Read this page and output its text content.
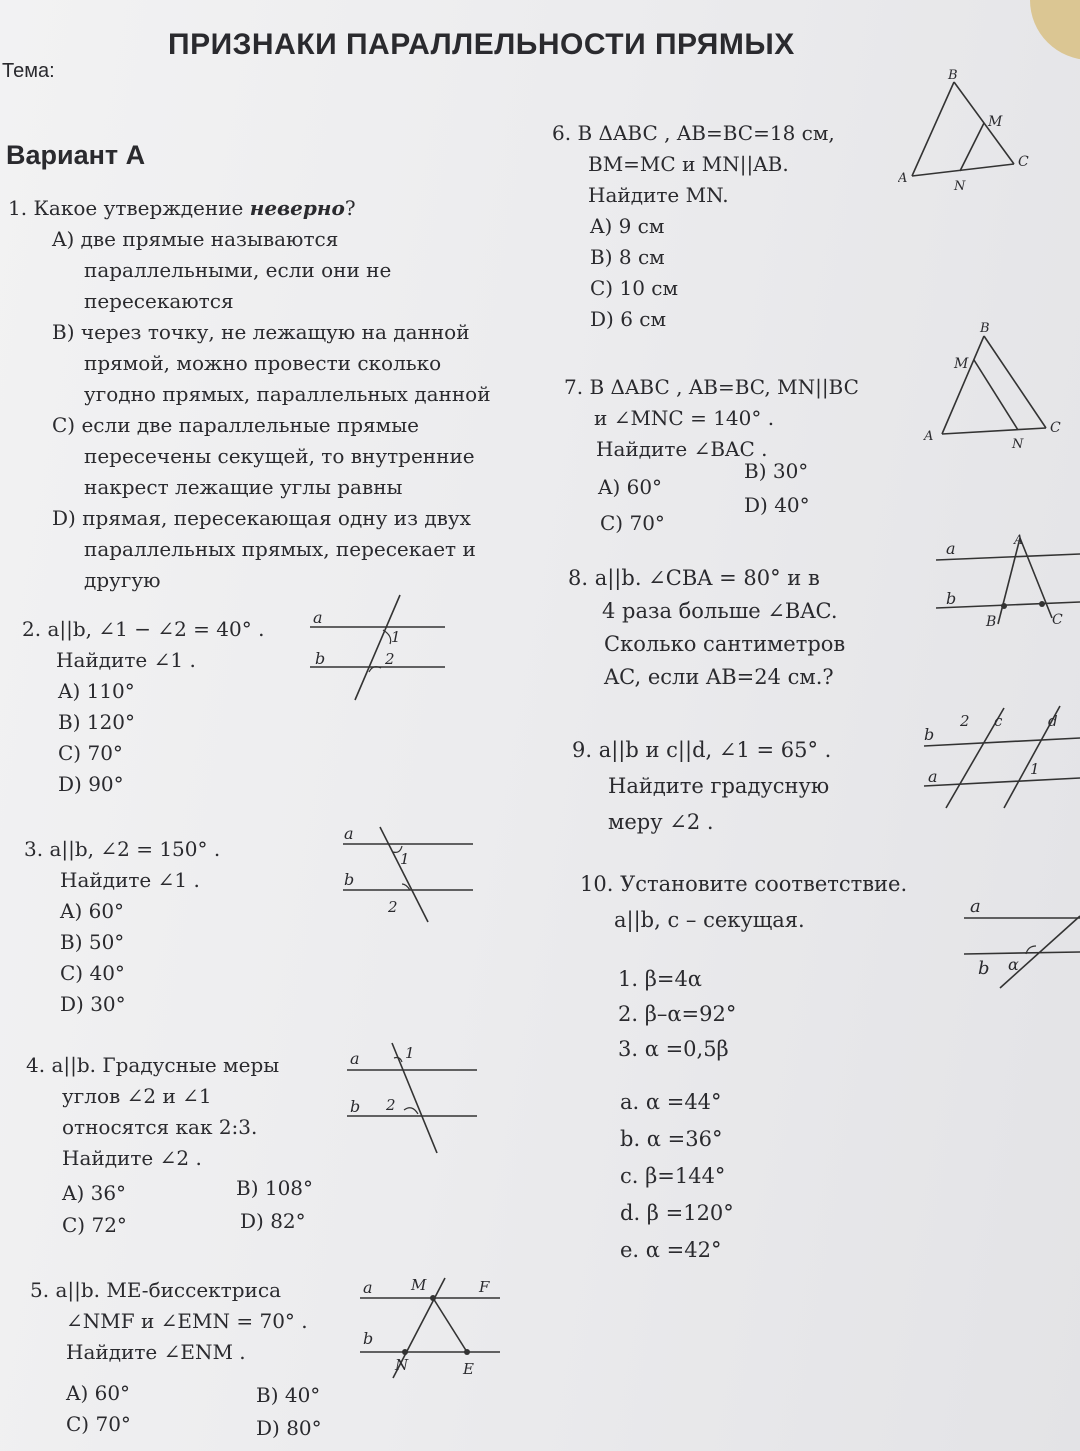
Тема:
ПРИЗНАКИ ПАРАЛЛЕЛЬНОСТИ ПРЯМЫХ
Вариант А
1. Какое утверждение неверно?
A) две прямые называются
параллельными, если они не
пересекаются
B) через точку, не лежащую на данной
прямой, можно провести сколько
угодно прямых, параллельных данной
C) если две параллельные прямые
пересечены секущей, то внутренние
накрест лежащие углы равны
D) прямая, пересекающая одну из двух
параллельных прямых, пересекает и
другую
2. a||b, ∠1 − ∠2 = 40° .
Найдите ∠1 .
A) 110°
B) 120°
C) 70°
D) 90°
a
b
1
2
3. a||b, ∠2 = 150° .
Найдите ∠1 .
A) 60°
B) 50°
C) 40°
D) 30°
a
b
1
2
4. a||b. Градусные меры
углов ∠2 и ∠1
относятся как 2:3.
Найдите ∠2 .
A) 36°	B) 108°
C) 72°	D) 82°
a
b
1
2
5. a||b. ME-биссектриса
∠NMF и ∠EMN = 70° .
Найдите ∠ENM .
A) 60°	B) 40°
C) 70°	D) 80°
a
b
M	F
N	E
6. В ΔABC , AB=BC=18 см,
BM=MC и MN||AB.
Найдите MN.
A) 9 см
B) 8 см
C) 10 см
D) 6 см
B
M
C
A
N
7. В ΔABC , AB=BC, MN||BC
и ∠MNC = 140° .
Найдите ∠BAC .
A) 60°
B) 30°
C) 70°
D) 40°
B
M
C
A
N
8. a||b. ∠CBA = 80° и в
4 раза больше ∠BAC.
Сколько сантиметров
AC, если AB=24 см.?
a	A
b
B	C
9. a||b и c||d, ∠1 = 65° .
Найдите градусную
меру ∠2 .
b
2 c	d
a	1
10. Установите соответствие.
a||b, c – секущая.
1. β=4α
2. β–α=92°
3. α =0,5β
a. α =44°
b. α =36°
c. β=144°
d. β =120°
e. α =42°
a
b α
